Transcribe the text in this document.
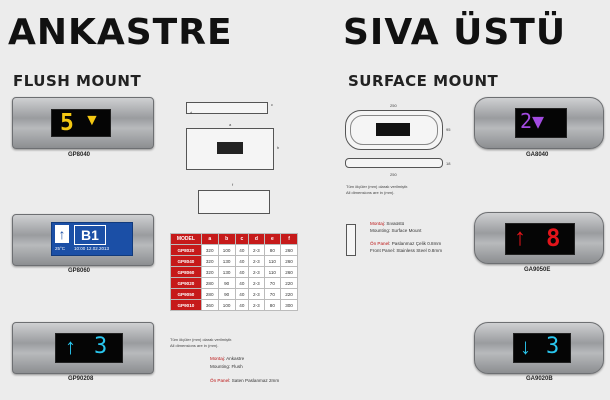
ANKASTRE
FLUSH MOUNT
SIVA ÜSTÜ
SURFACE MOUNT
5 ▼
GP8040
↑	B1
25°C 10:00 12.02.2013
GP8060
↑ 3
GP90208
a
b
c
d
f
MODEL	a	b	c	d	e	f
GP8020	320	100	40	2-3	80	260
GP8040	320	130	40	2-3	110	260
GP8060	320	130	40	2-3	110	260
GP9020	280	90	40	2-3	70	220
GP9050	280	90	40	2-3	70	220
GP9010	360	100	40	2-3	80	300
Tüm ölçüler (mm) olarak verilmiştir.
All dimensions are in (mm).
Montaj: Ankastre
Mounting: Flush
Ön Panel: Saten Paslanmaz 2mm
250
95
18
250
Tüm ölçüler (mm) olarak verilmiştir.
All dimensions are in (mm).
Montaj: Sıvaüstü
Mounting: Surface Mount
Ön Panel: Paslanmaz Çelik 0.8mm
Front Panel: Stainless Steel 0.8mm
2▼
GA8040
↑ 8
GA9050E
↓ 3
GA9020B
